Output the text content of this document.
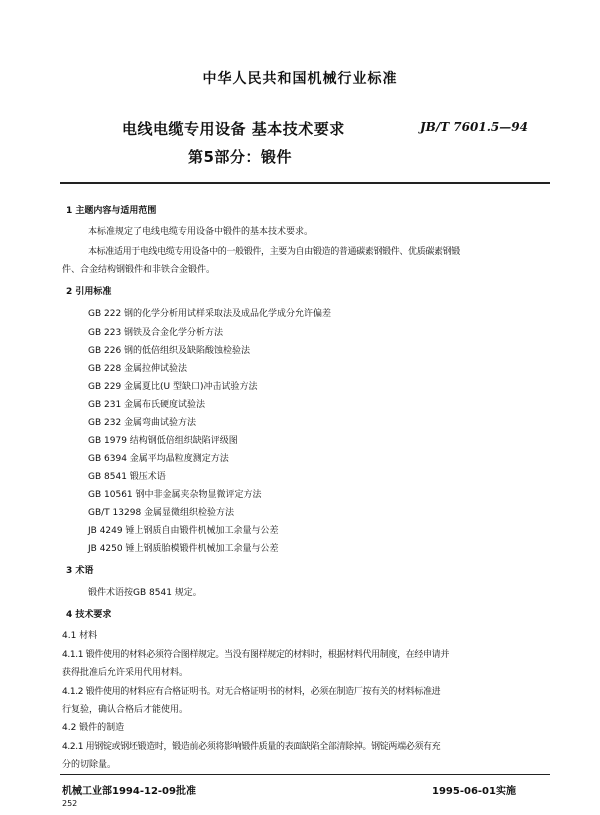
中华人民共和国机械行业标准
电线电缆专用设备 基本技术要求	JB/T 7601.5—94
第5部分：锻件
1 主题内容与适用范围
本标准规定了电线电缆专用设备中锻件的基本技术要求。
本标准适用于电线电缆专用设备中的一般锻件，主要为自由锻造的普通碳素钢锻件、优质碳素钢锻
件、合金结构钢锻件和非铁合金锻件。
2 引用标准
GB 222 钢的化学分析用试样采取法及成品化学成分允许偏差
GB 223 钢铁及合金化学分析方法
GB 226 钢的低倍组织及缺陷酸蚀检验法
GB 228 金属拉伸试验法
GB 229 金属夏比(U 型缺口)冲击试验方法
GB 231 金属布氏硬度试验法
GB 232 金属弯曲试验方法
GB 1979 结构钢低倍组织缺陷评级图
GB 6394 金属平均晶粒度测定方法
GB 8541 锻压术语
GB 10561 钢中非金属夹杂物显微评定方法
GB/T 13298 金属显微组织检验方法
JB 4249 锤上钢质自由锻件机械加工余量与公差
JB 4250 锤上钢质胎模锻件机械加工余量与公差
3 术语
锻件术语按GB 8541 规定。
4 技术要求
4.1 材料
4.1.1 锻件使用的材料必须符合图样规定。当没有图样规定的材料时，根据材料代用制度，在经申请并
获得批准后允许采用代用材料。
4.1.2 锻件使用的材料应有合格证明书。对无合格证明书的材料，必须在制造厂按有关的材料标准进
行复验，确认合格后才能使用。
4.2 锻件的制造
4.2.1 用钢锭或钢坯锻造时，锻造前必须将影响锻件质量的表面缺陷全部清除掉。钢锭两端必须有充
分的切除量。
机械工业部1994-12-09批准	1995-06-01实施
252
